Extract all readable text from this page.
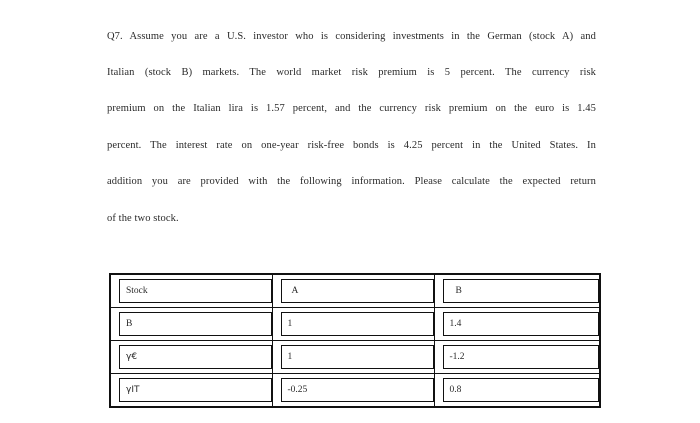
Q7. Assume you are a U.S. investor who is considering investments in the German (stock A) and
Italian (stock B) markets. The world market risk premium is 5 percent. The currency risk
premium on the Italian lira is 1.57 percent, and the currency risk premium on the euro is 1.45
percent. The interest rate on one-year risk-free bonds is 4.25 percent in the United States. In
addition you are provided with the following information. Please calculate the expected return
of the two stock.
Stock	A	B

B	1	1.4

γ€	1	-1.2

γIT	-0.25	0.8
